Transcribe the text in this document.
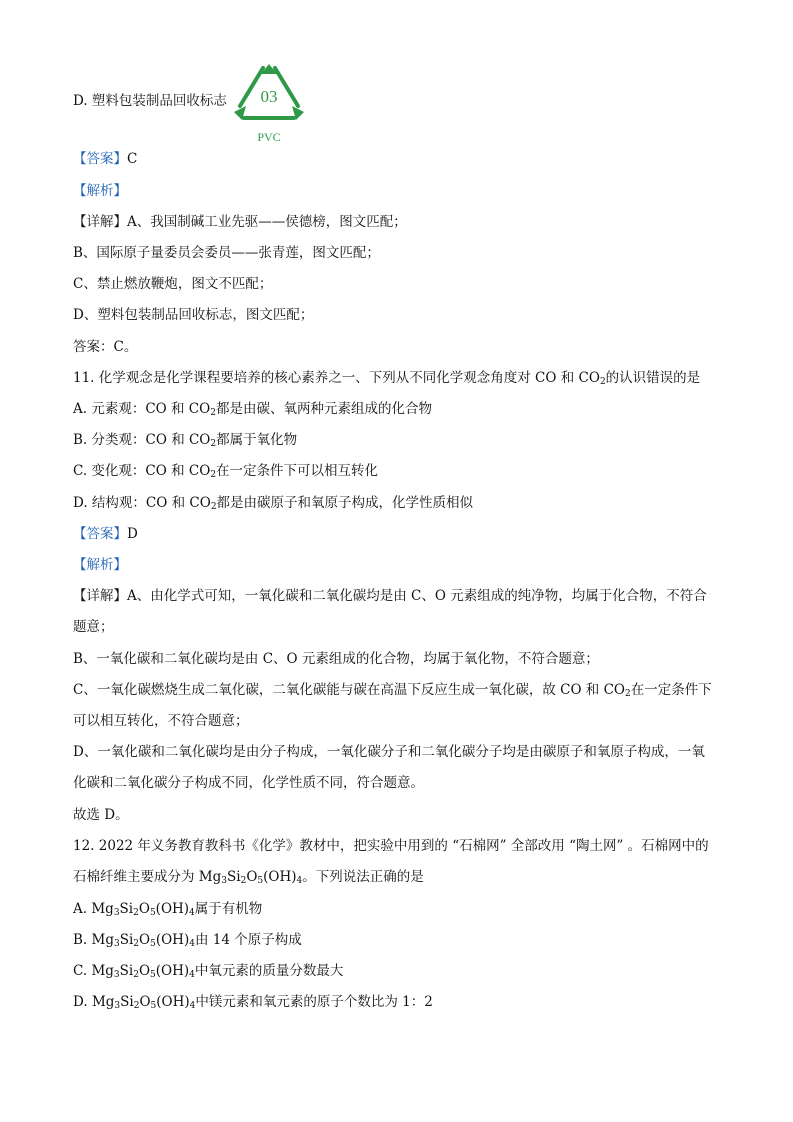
D. 塑料包装制品回收标志 03
PVC
【答案】C
【解析】
【详解】A、我国制碱工业先驱——侯德榜，图文匹配；
B、国际原子量委员会委员——张青莲，图文匹配；
C、禁止燃放鞭炮，图文不匹配；
D、塑料包装制品回收标志，图文匹配；
答案：C。
11. 化学观念是化学课程要培养的核心素养之一、下列从不同化学观念角度对 CO 和 $CO_2$的认识错误的是
A. 元素观：CO 和 $CO_2$都是由碳、氧两种元素组成的化合物
B. 分类观：CO 和 $CO_2$都属于氧化物
C. 变化观：CO 和 $CO_2$在一定条件下可以相互转化
D. 结构观：CO 和 $CO_2$都是由碳原子和氧原子构成，化学性质相似
【答案】D
【解析】
【详解】A、由化学式可知，一氧化碳和二氧化碳均是由 C、O 元素组成的纯净物，均属于化合物，不符合
题意；
B、一氧化碳和二氧化碳均是由 C、O 元素组成的化合物，均属于氧化物，不符合题意；
C、一氧化碳燃烧生成二氧化碳，二氧化碳能与碳在高温下反应生成一氧化碳，故 CO 和 $CO_2$在一定条件下
可以相互转化，不符合题意；
D、一氧化碳和二氧化碳均是由分子构成，一氧化碳分子和二氧化碳分子均是由碳原子和氧原子构成，一氧
化碳和二氧化碳分子构成不同，化学性质不同，符合题意。
故选 D。
12. 2022 年义务教育教科书《化学》教材中，把实验中用到的 “石棉网” 全部改用 “陶土网” 。石棉网中的
石棉纤维主要成分为 $Mg_3Si_2O_5(OH)_4$。下列说法正确的是
A. $Mg_3Si_2O_5(OH)_4$属于有机物
B. $Mg_3Si_2O_5(OH)_4$由 14 个原子构成
C. $Mg_3Si_2O_5(OH)_4$中氧元素的质量分数最大
D. $Mg_3Si_2O_5(OH)_4$中镁元素和氧元素的原子个数比为 1：2
